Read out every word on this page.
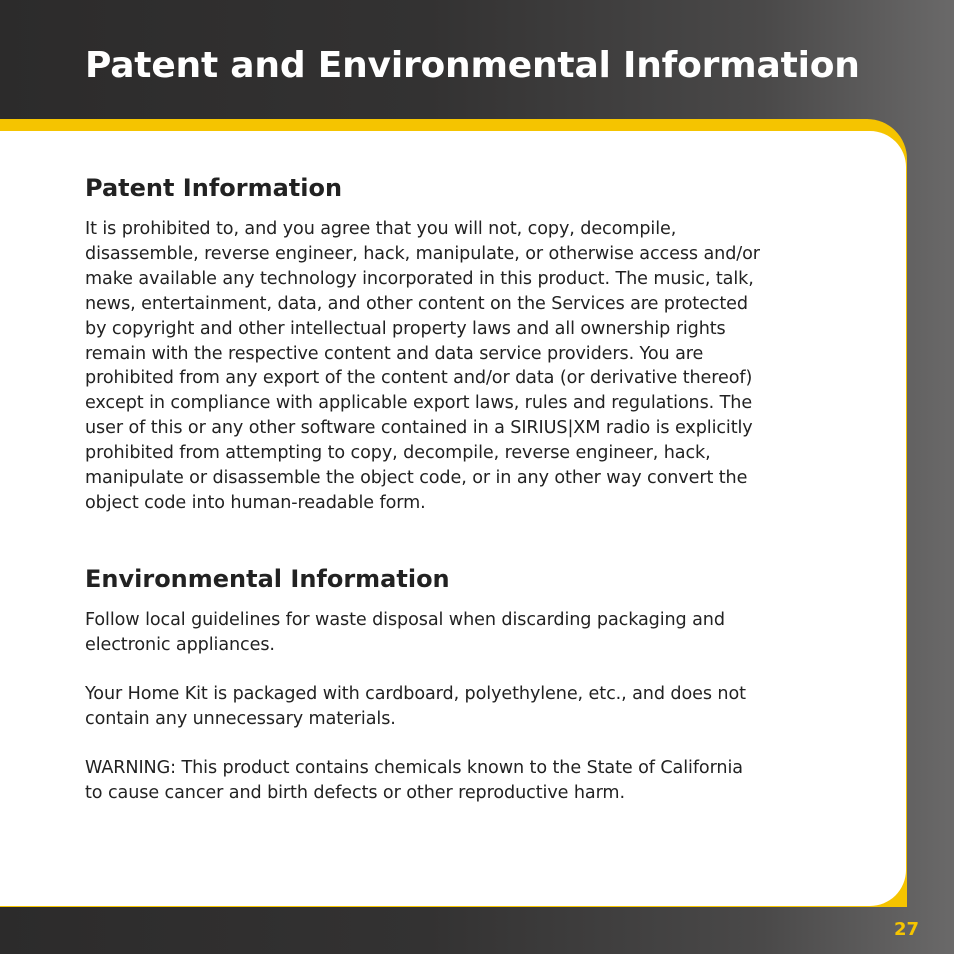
Patent and Environmental Information
Patent Information

It is prohibited to, and you agree that you will not, copy, decompile,
disassemble, reverse engineer, hack, manipulate, or otherwise access and/or
make available any technology incorporated in this product. The music, talk,
news, entertainment, data, and other content on the Services are protected
by copyright and other intellectual property laws and all ownership rights
remain with the respective content and data service providers. You are
prohibited from any export of the content and/or data (or derivative thereof)
except in compliance with applicable export laws, rules and regulations. The
user of this or any other software contained in a SIRIUS|XM radio is explicitly
prohibited from attempting to copy, decompile, reverse engineer, hack,
manipulate or disassemble the object code, or in any other way convert the
object code into human-readable form.

Environmental Information

Follow local guidelines for waste disposal when discarding packaging and
electronic appliances.

Your Home Kit is packaged with cardboard, polyethylene, etc., and does not
contain any unnecessary materials.

WARNING: This product contains chemicals known to the State of California
to cause cancer and birth defects or other reproductive harm.

27
